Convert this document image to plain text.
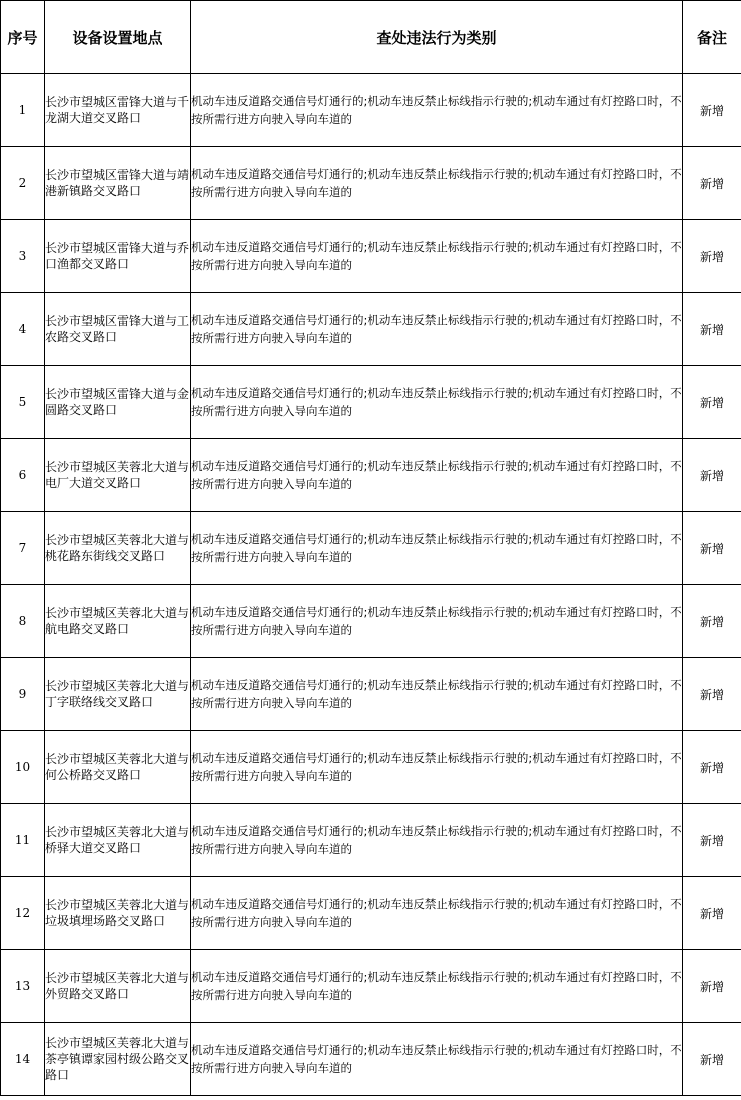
序号	设备设置地点	查处违法行为类别	备注
1	长沙市望城区雷锋大道与千龙湖大道交叉路口	机动车违反道路交通信号灯通行的;机动车违反禁止标线指示行驶的;机动车通过有灯控路口时，不按所需行进方向驶入导向车道的	新增
2	长沙市望城区雷锋大道与靖港新镇路交叉路口	机动车违反道路交通信号灯通行的;机动车违反禁止标线指示行驶的;机动车通过有灯控路口时，不按所需行进方向驶入导向车道的	新增
3	长沙市望城区雷锋大道与乔口渔都交叉路口	机动车违反道路交通信号灯通行的;机动车违反禁止标线指示行驶的;机动车通过有灯控路口时，不按所需行进方向驶入导向车道的	新增
4	长沙市望城区雷锋大道与工农路交叉路口	机动车违反道路交通信号灯通行的;机动车违反禁止标线指示行驶的;机动车通过有灯控路口时，不按所需行进方向驶入导向车道的	新增
5	长沙市望城区雷锋大道与金圆路交叉路口	机动车违反道路交通信号灯通行的;机动车违反禁止标线指示行驶的;机动车通过有灯控路口时，不按所需行进方向驶入导向车道的	新增
6	长沙市望城区芙蓉北大道与电厂大道交叉路口	机动车违反道路交通信号灯通行的;机动车违反禁止标线指示行驶的;机动车通过有灯控路口时，不按所需行进方向驶入导向车道的	新增
7	长沙市望城区芙蓉北大道与桃花路东街线交叉路口	机动车违反道路交通信号灯通行的;机动车违反禁止标线指示行驶的;机动车通过有灯控路口时，不按所需行进方向驶入导向车道的	新增
8	长沙市望城区芙蓉北大道与航电路交叉路口	机动车违反道路交通信号灯通行的;机动车违反禁止标线指示行驶的;机动车通过有灯控路口时，不按所需行进方向驶入导向车道的	新增
9	长沙市望城区芙蓉北大道与丁字联络线交叉路口	机动车违反道路交通信号灯通行的;机动车违反禁止标线指示行驶的;机动车通过有灯控路口时，不按所需行进方向驶入导向车道的	新增
10	长沙市望城区芙蓉北大道与何公桥路交叉路口	机动车违反道路交通信号灯通行的;机动车违反禁止标线指示行驶的;机动车通过有灯控路口时，不按所需行进方向驶入导向车道的	新增
11	长沙市望城区芙蓉北大道与桥驿大道交叉路口	机动车违反道路交通信号灯通行的;机动车违反禁止标线指示行驶的;机动车通过有灯控路口时，不按所需行进方向驶入导向车道的	新增
12	长沙市望城区芙蓉北大道与垃圾填埋场路交叉路口	机动车违反道路交通信号灯通行的;机动车违反禁止标线指示行驶的;机动车通过有灯控路口时，不按所需行进方向驶入导向车道的	新增
13	长沙市望城区芙蓉北大道与外贸路交叉路口	机动车违反道路交通信号灯通行的;机动车违反禁止标线指示行驶的;机动车通过有灯控路口时，不按所需行进方向驶入导向车道的	新增
14	长沙市望城区芙蓉北大道与茶亭镇谭家园村级公路交叉路口	机动车违反道路交通信号灯通行的;机动车违反禁止标线指示行驶的;机动车通过有灯控路口时，不按所需行进方向驶入导向车道的	新增
